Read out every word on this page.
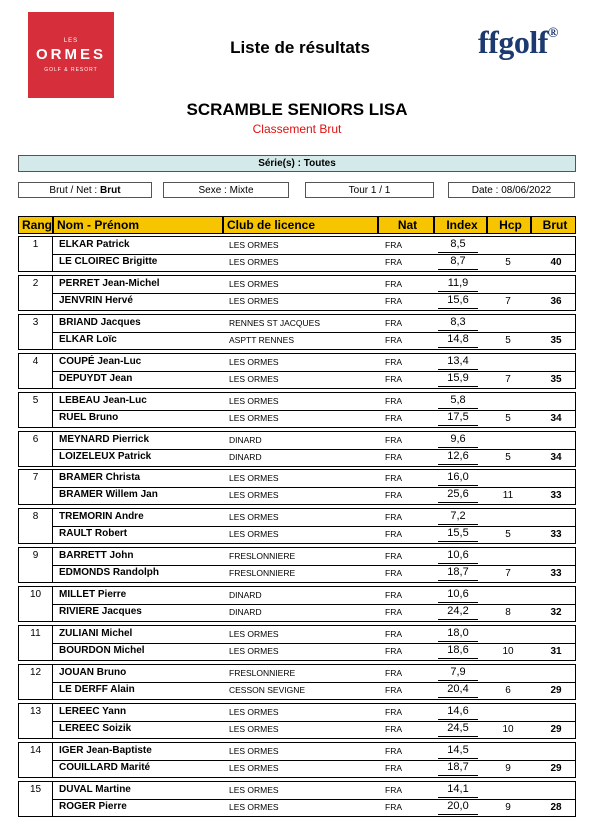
LES
ORMES
GOLF & RESORT
Liste de résultats	ffgolf®
SCRAMBLE SENIORS LISA
Classement Brut
Série(s) : Toutes
Brut / Net : Brut	Sexe : Mixte	Tour 1 / 1	Date : 08/06/2022
Rang Nom - Prénom	Club de licence	Nat	Index	Hcp	Brut
1	ELKAR Patrick	LES ORMES	FRA	8,5
LE CLOIREC Brigitte	LES ORMES	FRA	8,7	5	40
2	PERRET Jean-Michel	LES ORMES	FRA	11,9
JENVRIN Hervé	LES ORMES	FRA	15,6	7	36
3	BRIAND Jacques	RENNES ST JACQUES	FRA	8,3
ELKAR Loïc	ASPTT RENNES	FRA	14,8	5	35
4	COUPÉ Jean-Luc	LES ORMES	FRA	13,4
DEPUYDT Jean	LES ORMES	FRA	15,9	7	35
5	LEBEAU Jean-Luc	LES ORMES	FRA	5,8
RUEL Bruno	LES ORMES	FRA	17,5	5	34
6	MEYNARD Pierrick	DINARD	FRA	9,6
LOIZELEUX Patrick	DINARD	FRA	12,6	5	34
7	BRAMER Christa	LES ORMES	FRA	16,0
BRAMER Willem Jan	LES ORMES	FRA	25,6	11	33
8	TREMORIN Andre	LES ORMES	FRA	7,2
RAULT Robert	LES ORMES	FRA	15,5	5	33
9	BARRETT John	FRESLONNIERE	FRA	10,6
EDMONDS Randolph	FRESLONNIERE	FRA	18,7	7	33
10	MILLET Pierre	DINARD	FRA	10,6
RIVIERE Jacques	DINARD	FRA	24,2	8	32
11	ZULIANI Michel	LES ORMES	FRA	18,0
BOURDON Michel	LES ORMES	FRA	18,6	10	31
12	JOUAN Bruno	FRESLONNIERE	FRA	7,9
LE DERFF Alain	CESSON SEVIGNE	FRA	20,4	6	29
13	LEREEC Yann	LES ORMES	FRA	14,6
LEREEC Soizik	LES ORMES	FRA	24,5	10	29
14	IGER Jean-Baptiste	LES ORMES	FRA	14,5
COUILLARD Marité	LES ORMES	FRA	18,7	9	29
15	DUVAL Martine	LES ORMES	FRA	14,1
ROGER Pierre	LES ORMES	FRA	20,0	9	28
